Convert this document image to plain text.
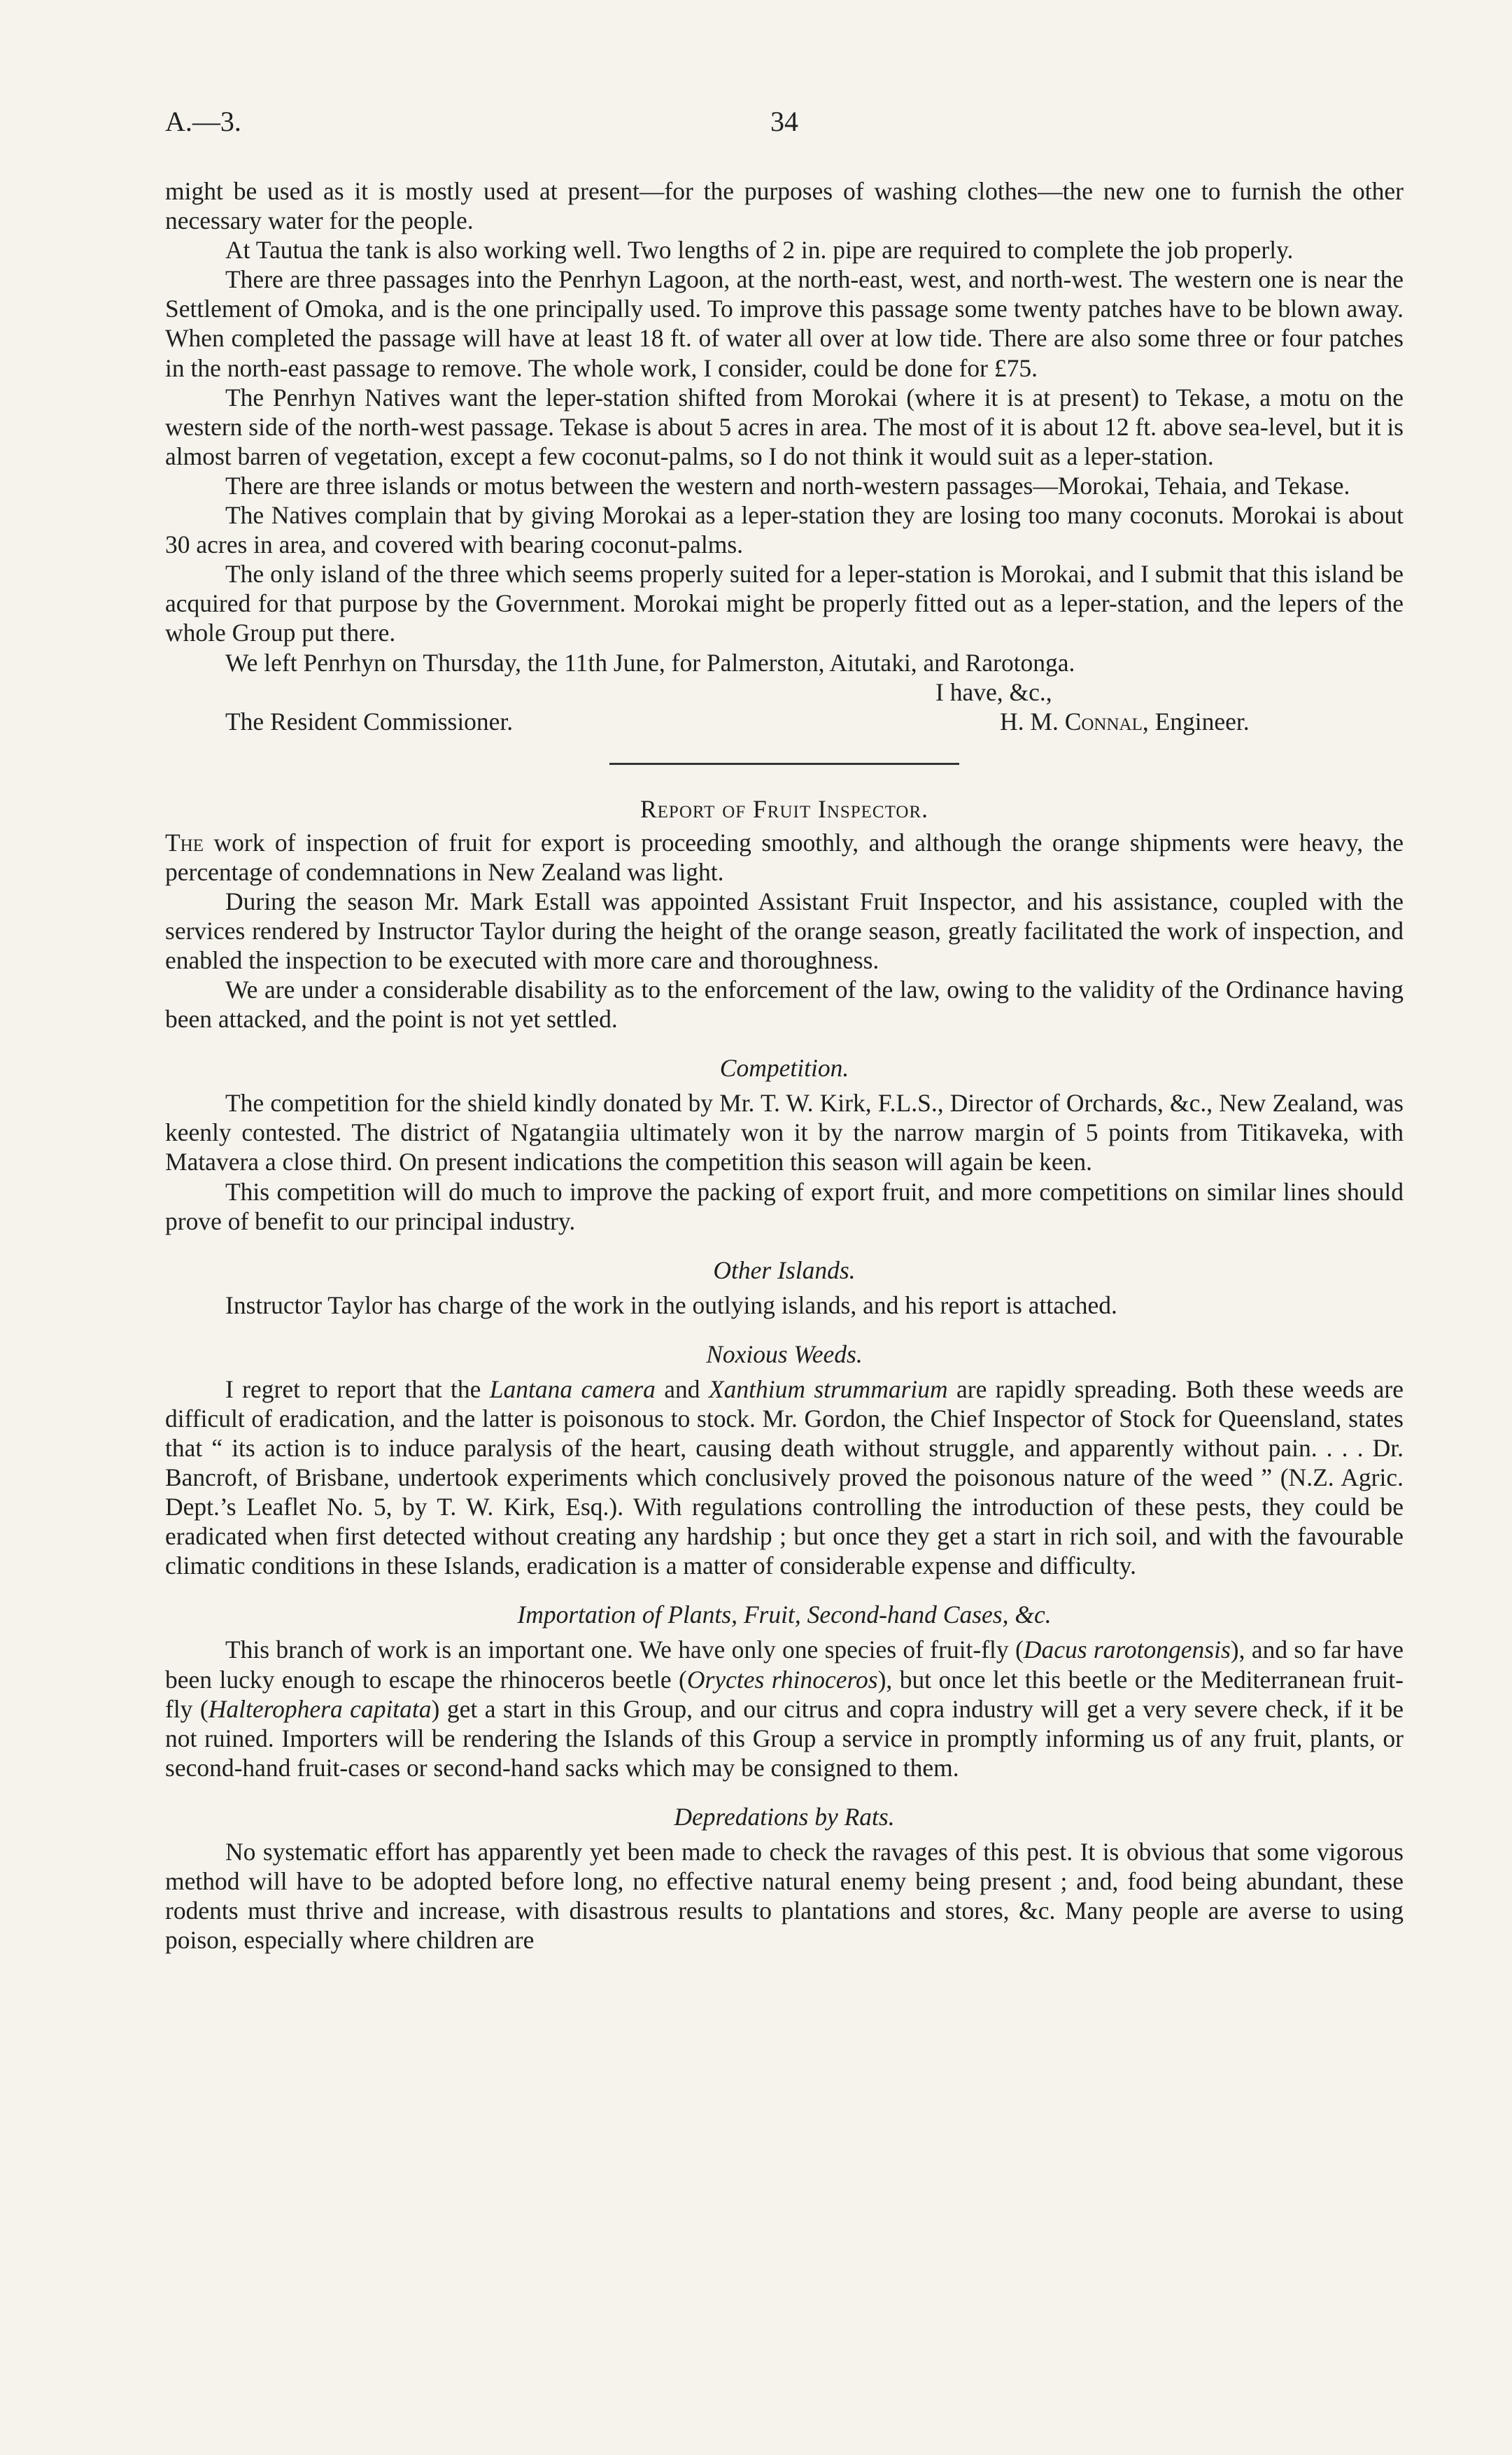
A.—3.	34

might be used as it is mostly used at present—for the purposes of washing clothes—the new one to furnish the other necessary water for the people.

At Tautua the tank is also working well. Two lengths of 2 in. pipe are required to complete the job properly.

There are three passages into the Penrhyn Lagoon, at the north-east, west, and north-west. The western one is near the Settlement of Omoka, and is the one principally used. To improve this passage some twenty patches have to be blown away. When completed the passage will have at least 18 ft. of water all over at low tide. There are also some three or four patches in the north-east passage to remove. The whole work, I consider, could be done for £75.

The Penrhyn Natives want the leper-station shifted from Morokai (where it is at present) to Tekase, a motu on the western side of the north-west passage. Tekase is about 5 acres in area. The most of it is about 12 ft. above sea-level, but it is almost barren of vegetation, except a few coconut-palms, so I do not think it would suit as a leper-station.

There are three islands or motus between the western and north-western passages—Morokai, Tehaia, and Tekase.

The Natives complain that by giving Morokai as a leper-station they are losing too many coconuts. Morokai is about 30 acres in area, and covered with bearing coconut-palms.

The only island of the three which seems properly suited for a leper-station is Morokai, and I submit that this island be acquired for that purpose by the Government. Morokai might be properly fitted out as a leper-station, and the lepers of the whole Group put there.

We left Penrhyn on Thursday, the 11th June, for Palmerston, Aitutaki, and Rarotonga.

I have, &c.,

The Resident Commissioner.	H. M. Connal, Engineer.

Report of Fruit Inspector.

The work of inspection of fruit for export is proceeding smoothly, and although the orange shipments were heavy, the percentage of condemnations in New Zealand was light.

During the season Mr. Mark Estall was appointed Assistant Fruit Inspector, and his assistance, coupled with the services rendered by Instructor Taylor during the height of the orange season, greatly facilitated the work of inspection, and enabled the inspection to be executed with more care and thoroughness.

We are under a considerable disability as to the enforcement of the law, owing to the validity of the Ordinance having been attacked, and the point is not yet settled.

Competition.

The competition for the shield kindly donated by Mr. T. W. Kirk, F.L.S., Director of Orchards, &c., New Zealand, was keenly contested. The district of Ngatangiia ultimately won it by the narrow margin of 5 points from Titikaveka, with Matavera a close third. On present indications the competition this season will again be keen.

This competition will do much to improve the packing of export fruit, and more competitions on similar lines should prove of benefit to our principal industry.

Other Islands.

Instructor Taylor has charge of the work in the outlying islands, and his report is attached.

Noxious Weeds.

I regret to report that the Lantana camera and Xanthium strummarium are rapidly spreading. Both these weeds are difficult of eradication, and the latter is poisonous to stock. Mr. Gordon, the Chief Inspector of Stock for Queensland, states that “ its action is to induce paralysis of the heart, causing death without struggle, and apparently without pain. . . . Dr. Bancroft, of Brisbane, undertook experiments which conclusively proved the poisonous nature of the weed ” (N.Z. Agric. Dept.’s Leaflet No. 5, by T. W. Kirk, Esq.). With regulations controlling the introduction of these pests, they could be eradicated when first detected without creating any hardship ; but once they get a start in rich soil, and with the favourable climatic conditions in these Islands, eradication is a matter of considerable expense and difficulty.

Importation of Plants, Fruit, Second-hand Cases, &c.

This branch of work is an important one. We have only one species of fruit-fly (Dacus rarotongensis), and so far have been lucky enough to escape the rhinoceros beetle (Oryctes rhinoceros), but once let this beetle or the Mediterranean fruit-fly (Halterophera capitata) get a start in this Group, and our citrus and copra industry will get a very severe check, if it be not ruined. Importers will be rendering the Islands of this Group a service in promptly informing us of any fruit, plants, or second-hand fruit-cases or second-hand sacks which may be consigned to them.

Depredations by Rats.

No systematic effort has apparently yet been made to check the ravages of this pest. It is obvious that some vigorous method will have to be adopted before long, no effective natural enemy being present ; and, food being abundant, these rodents must thrive and increase, with disastrous results to plantations and stores, &c. Many people are averse to using poison, especially where children are
